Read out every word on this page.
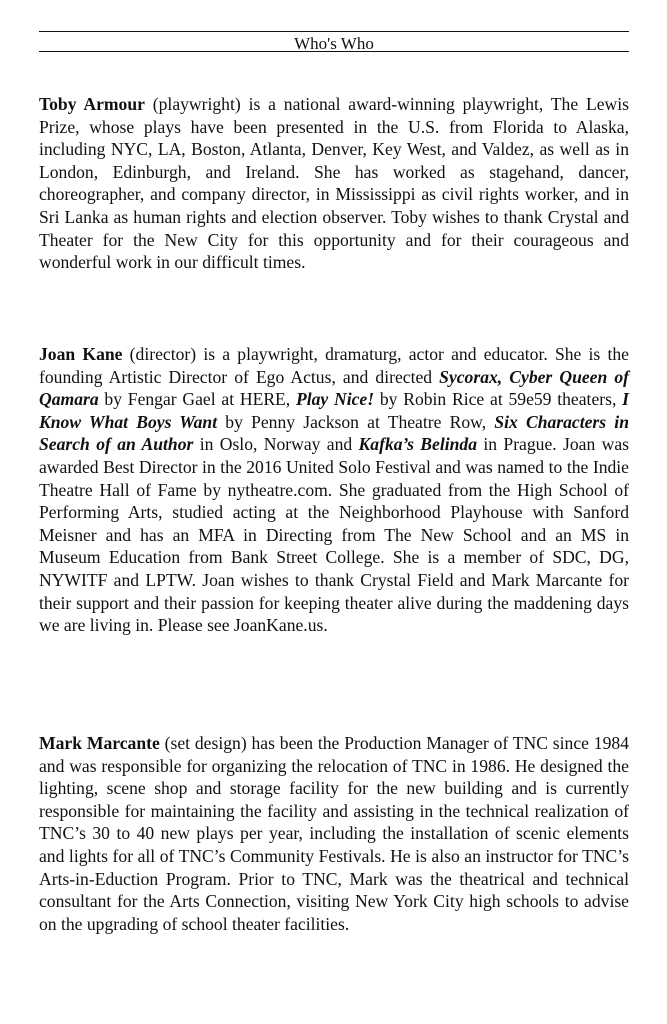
Who's Who

Toby Armour (playwright) is a national award-winning playwright, The Lewis Prize, whose plays have been presented in the U.S. from Florida to Alaska, including NYC, LA, Boston, Atlanta, Denver, Key West, and Valdez, as well as in London, Edinburgh, and Ireland. She has worked as stagehand, dancer, choreographer, and company director, in Mississippi as civil rights worker, and in Sri Lanka as human rights and election observer. Toby wishes to thank Crystal and Theater for the New City for this opportunity and for their courageous and wonderful work in our difficult times.

Joan Kane (director) is a playwright, dramaturg, actor and educator. She is the founding Artistic Director of Ego Actus, and directed Sycorax, Cyber Queen of Qamara by Fengar Gael at HERE, Play Nice! by Robin Rice at 59e59 theaters, I Know What Boys Want by Penny Jackson at Theatre Row, Six Characters in Search of an Author in Oslo, Norway and Kafka’s Belinda in Prague. Joan was awarded Best Director in the 2016 United Solo Festival and was named to the Indie Theatre Hall of Fame by nytheatre.com. She graduated from the High School of Performing Arts, studied acting at the Neighborhood Playhouse with Sanford Meisner and has an MFA in Directing from The New School and an MS in Museum Education from Bank Street College. She is a member of SDC, DG, NYWITF and LPTW. Joan wishes to thank Crystal Field and Mark Marcante for their support and their passion for keeping theater alive during the maddening days we are living in. Please see JoanKane.us.

Mark Marcante (set design) has been the Production Manager of TNC since 1984 and was responsible for organizing the relocation of TNC in 1986. He designed the lighting, scene shop and storage facility for the new building and is currently responsible for maintaining the facility and assisting in the technical realization of TNC’s 30 to 40 new plays per year, including the installation of scenic elements and lights for all of TNC’s Community Festivals. He is also an instructor for TNC’s Arts-in-Eduction Program. Prior to TNC, Mark was the theatrical and technical consultant for the Arts Connection, visiting New York City high schools to advise on the upgrading of school theater facilities.
